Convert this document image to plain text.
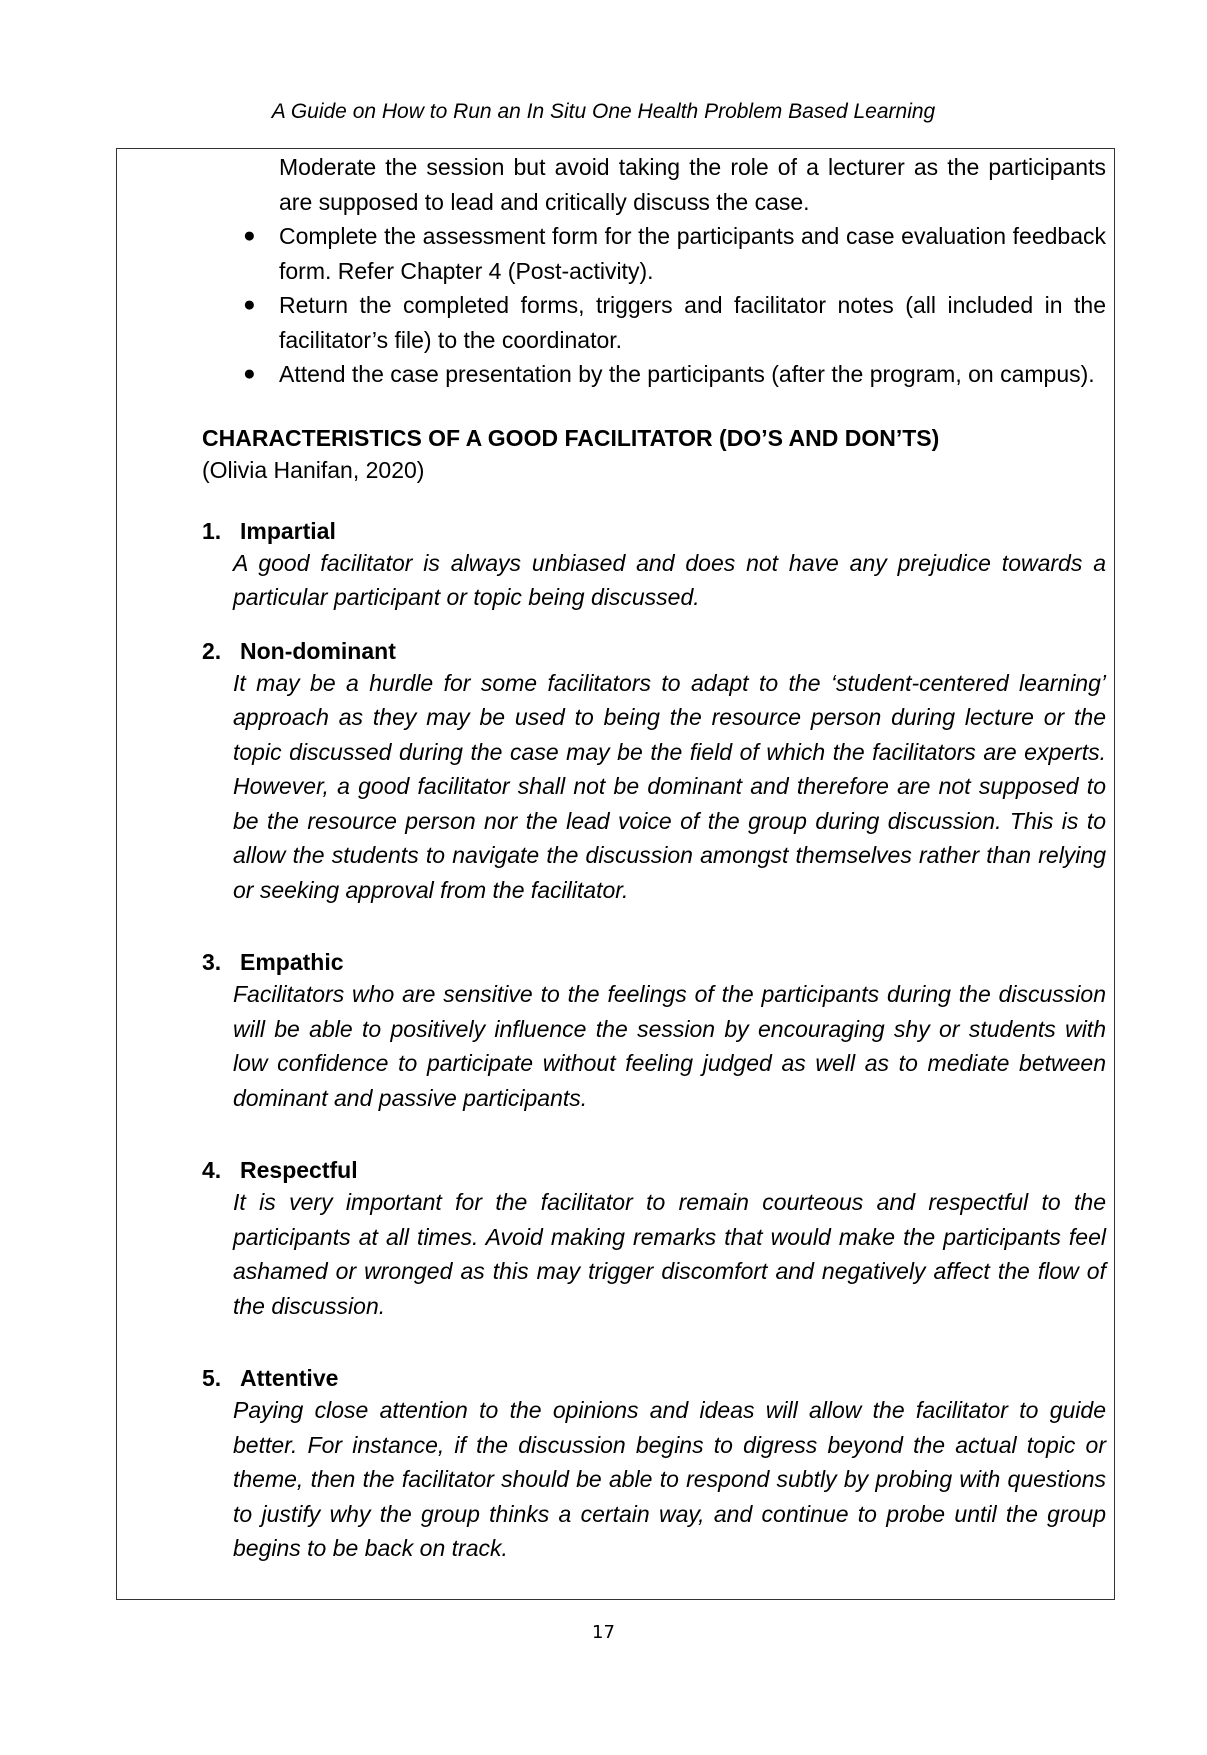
A Guide on How to Run an In Situ One Health Problem Based Learning
Moderate the session but avoid taking the role of a lecturer as the participants are supposed to lead and critically discuss the case.
● Complete the assessment form for the participants and case evaluation feedback form. Refer Chapter 4 (Post-activity).
● Return the completed forms, triggers and facilitator notes (all included in the facilitator’s file) to the coordinator.
● Attend the case presentation by the participants (after the program, on campus).
CHARACTERISTICS OF A GOOD FACILITATOR (DO’S AND DON’TS)
(Olivia Hanifan, 2020)
1. Impartial
A good facilitator is always unbiased and does not have any prejudice towards a particular participant or topic being discussed.
2. Non-dominant
It may be a hurdle for some facilitators to adapt to the ‘student-centered learning’ approach as they may be used to being the resource person during lecture or the topic discussed during the case may be the field of which the facilitators are experts. However, a good facilitator shall not be dominant and therefore are not supposed to be the resource person nor the lead voice of the group during discussion. This is to allow the students to navigate the discussion amongst themselves rather than relying or seeking approval from the facilitator.
3. Empathic
Facilitators who are sensitive to the feelings of the participants during the discussion will be able to positively influence the session by encouraging shy or students with low confidence to participate without feeling judged as well as to mediate between dominant and passive participants.
4. Respectful
It is very important for the facilitator to remain courteous and respectful to the participants at all times. Avoid making remarks that would make the participants feel ashamed or wronged as this may trigger discomfort and negatively affect the flow of the discussion.
5. Attentive
Paying close attention to the opinions and ideas will allow the facilitator to guide better. For instance, if the discussion begins to digress beyond the actual topic or theme, then the facilitator should be able to respond subtly by probing with questions to justify why the group thinks a certain way, and continue to probe until the group begins to be back on track.
17
